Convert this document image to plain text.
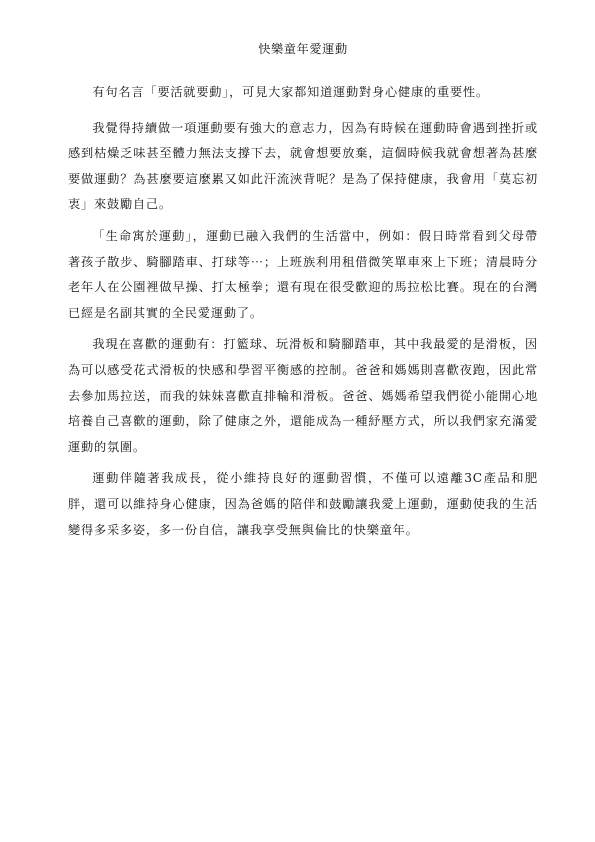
快樂童年愛運動

有句名言「要活就要動」，可見大家都知道運動對身心健康的重要性。

我覺得持續做一項運動要有強大的意志力，因為有時候在運動時會遇到挫折或感到枯燥乏味甚至體力無法支撐下去，就會想要放棄，這個時候我就會想著為甚麼要做運動？為甚麼要這麼累又如此汗流浹背呢？是為了保持健康，我會用「莫忘初衷」來鼓勵自己。

「生命寓於運動」，運動已融入我們的生活當中，例如：假日時常看到父母帶著孩子散步、騎腳踏車、打球等⋯；上班族利用租借微笑單車來上下班；清晨時分老年人在公園裡做早操、打太極拳；還有現在很受歡迎的馬拉松比賽。現在的台灣已經是名副其實的全民愛運動了。

我現在喜歡的運動有：打籃球、玩滑板和騎腳踏車，其中我最愛的是滑板，因為可以感受花式滑板的快感和學習平衡感的控制。爸爸和媽媽則喜歡夜跑，因此常去參加馬拉送，而我的妹妹喜歡直排輪和滑板。爸爸、媽媽希望我們從小能開心地培養自己喜歡的運動，除了健康之外，還能成為一種紓壓方式，所以我們家充滿愛運動的氛圍。

運動伴隨著我成長，從小維持良好的運動習慣，不僅可以遠離3C產品和肥胖，還可以維持身心健康，因為爸媽的陪伴和鼓勵讓我愛上運動，運動使我的生活變得多采多姿，多一份自信，讓我享受無與倫比的快樂童年。
